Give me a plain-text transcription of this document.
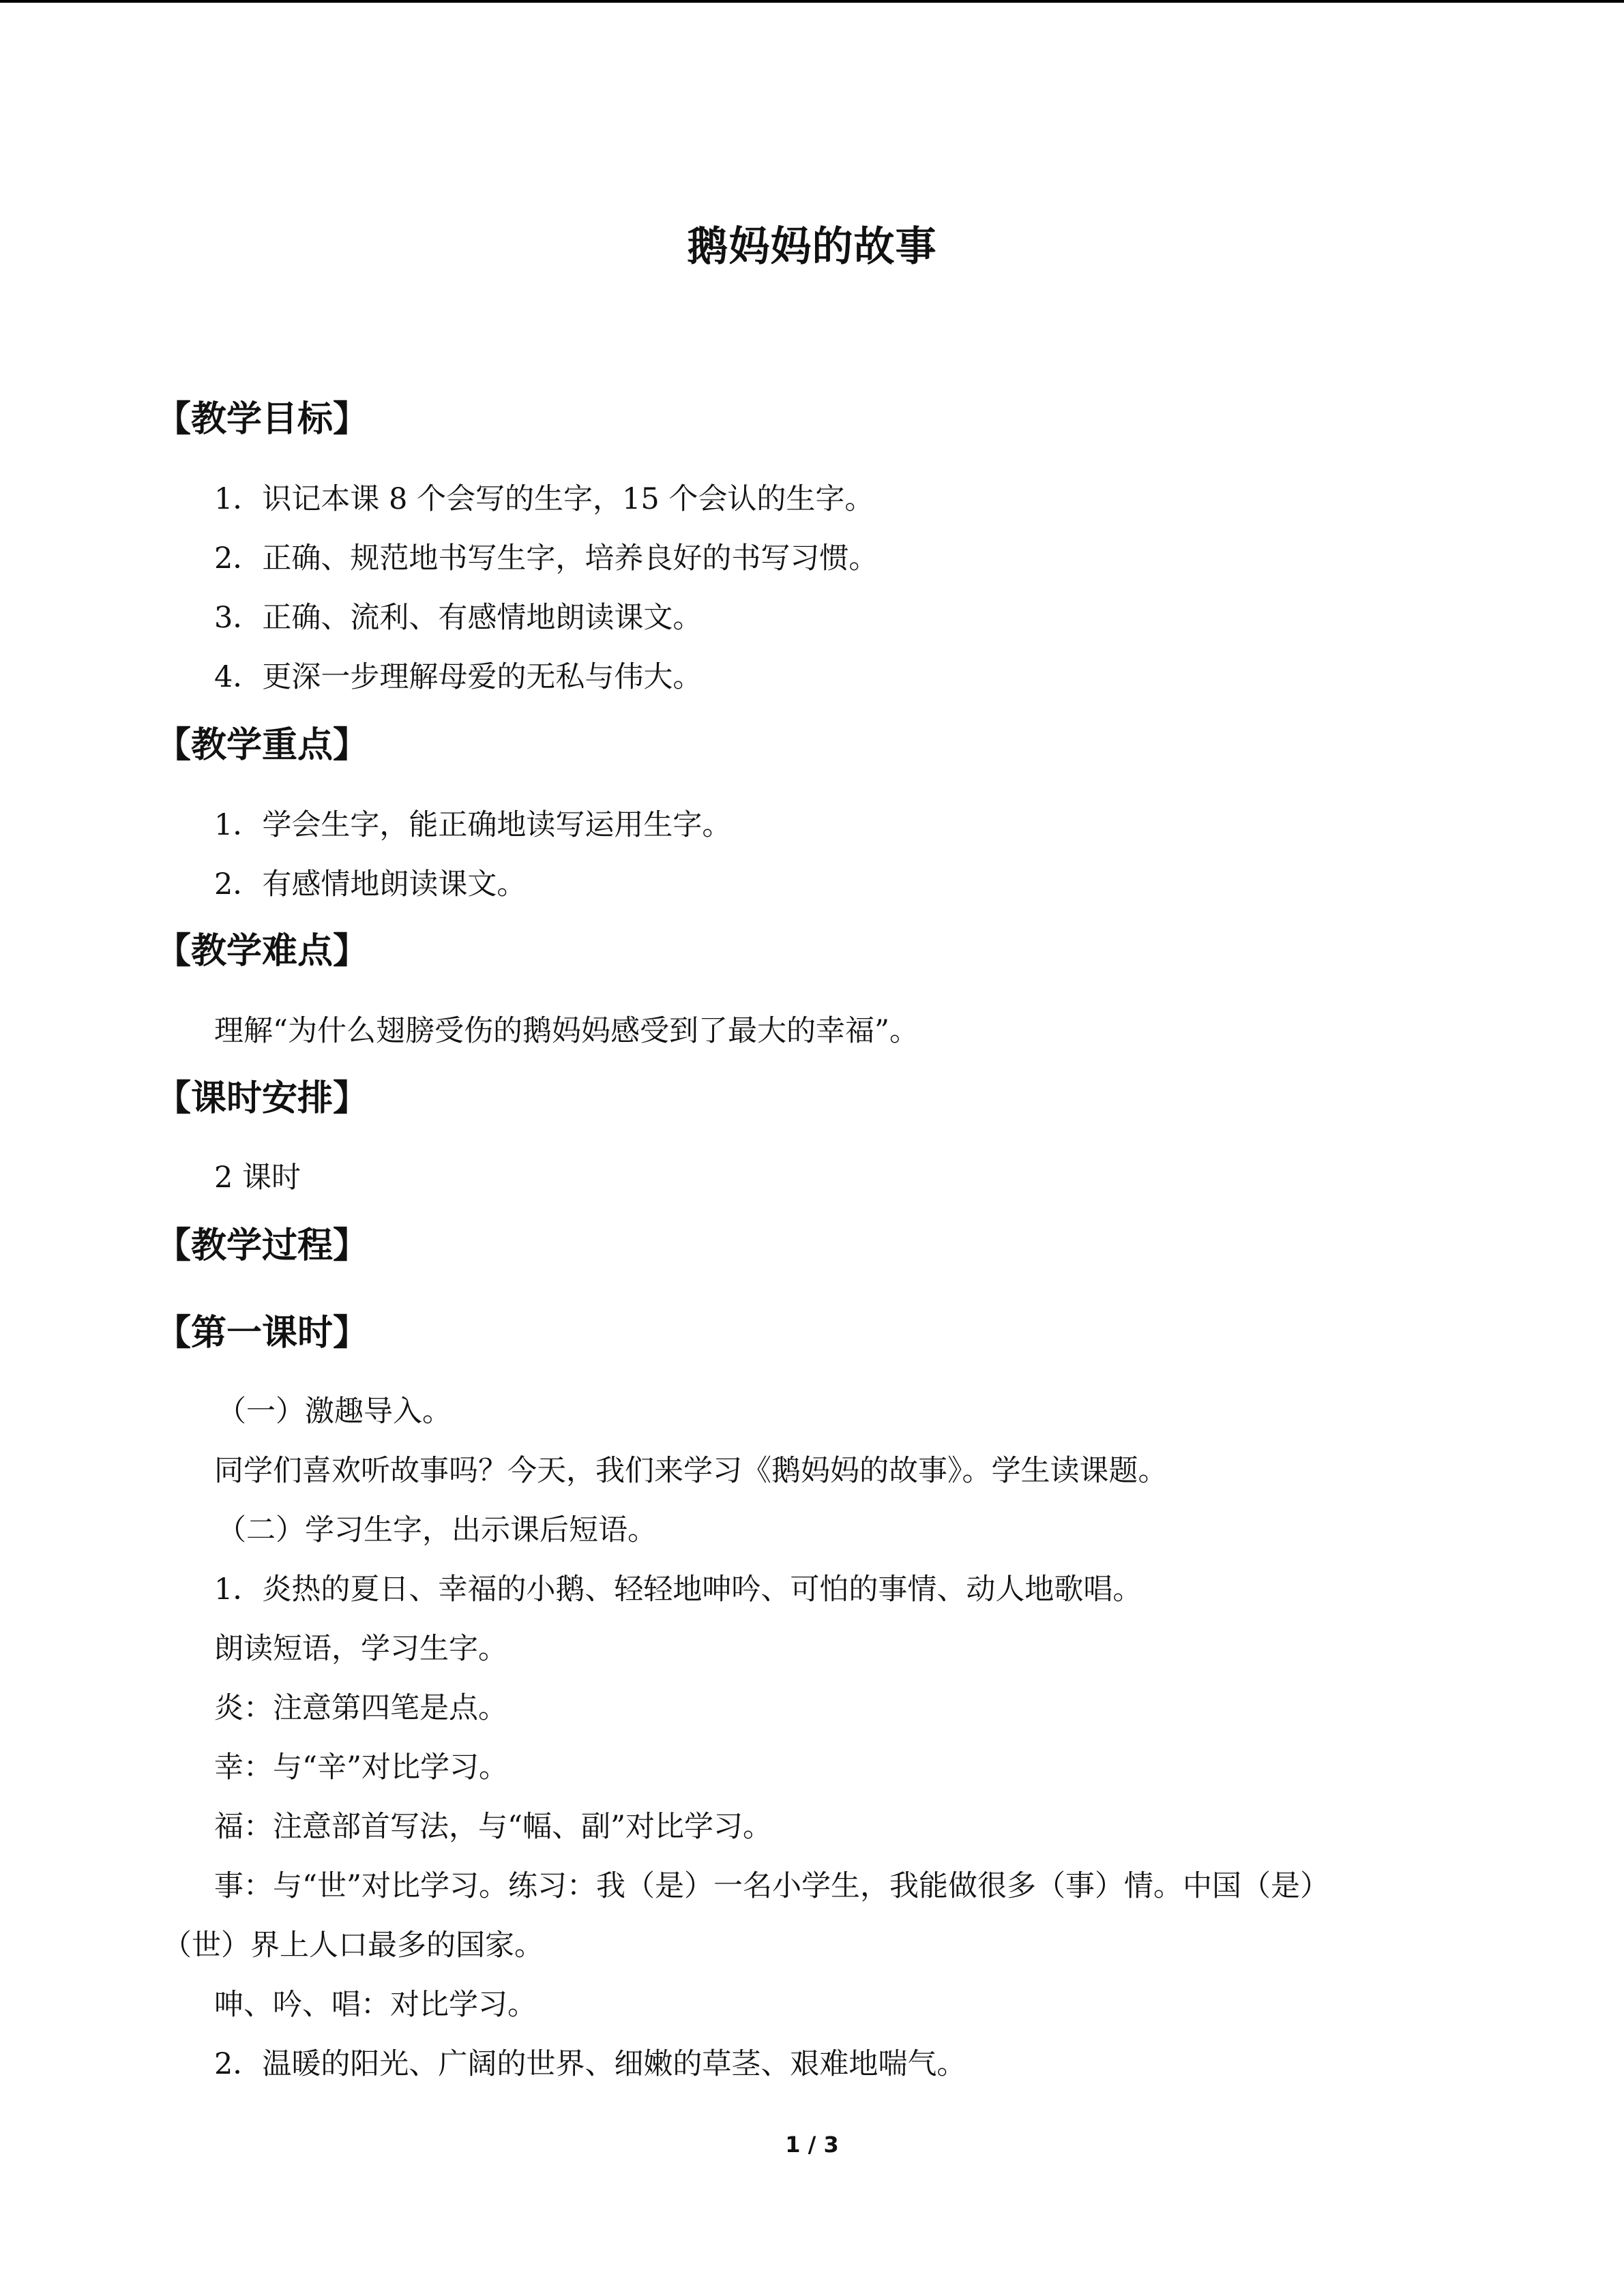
鹅妈妈的故事
【教学目标】
1．识记本课 8 个会写的生字，15 个会认的生字。
2．正确、规范地书写生字，培养良好的书写习惯。
3．正确、流利、有感情地朗读课文。
4．更深一步理解母爱的无私与伟大。
【教学重点】
1．学会生字，能正确地读写运用生字。
2．有感情地朗读课文。
【教学难点】
理解“为什么翅膀受伤的鹅妈妈感受到了最大的幸福”。
【课时安排】
2 课时
【教学过程】
【第一课时】
（一）激趣导入。
同学们喜欢听故事吗？今天，我们来学习《鹅妈妈的故事》。学生读课题。
（二）学习生字，出示课后短语。
1．炎热的夏日、幸福的小鹅、轻轻地呻吟、可怕的事情、动人地歌唱。
朗读短语，学习生字。
炎：注意第四笔是点。
幸：与“辛”对比学习。
福：注意部首写法，与“幅、副”对比学习。
事：与“世”对比学习。练习：我（是）一名小学生，我能做很多（事）情。中国（是）
（世）界上人口最多的国家。
呻、吟、唱：对比学习。
2．温暖的阳光、广阔的世界、细嫩的草茎、艰难地喘气。
1 / 3
